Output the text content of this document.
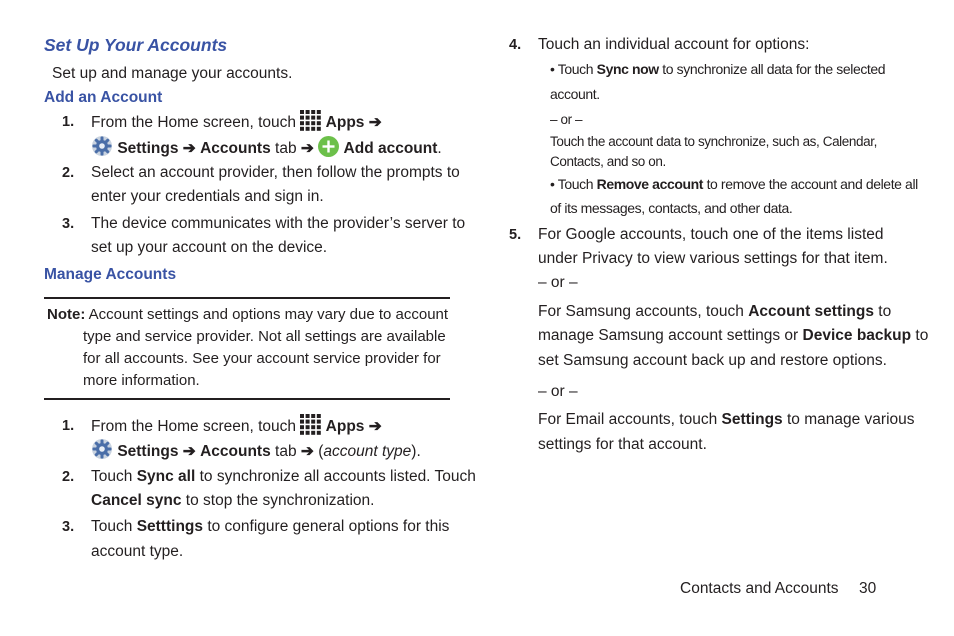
Set Up Your Accounts
Set up and manage your accounts.
Add an Account
1. From the Home screen, touch Apps ➔
Settings ➔ Accounts tab ➔ Add account.
2. Select an account provider, then follow the prompts to
enter your credentials and sign in.
3. The device communicates with the provider’s server to
set up your account on the device.
Manage Accounts
Note: Account settings and options may vary due to account
type and service provider. Not all settings are available
for all accounts. See your account service provider for
more information.
1. From the Home screen, touch Apps ➔
Settings ➔ Accounts tab ➔ (account type).
2. Touch Sync all to synchronize all accounts listed. Touch
Cancel sync to stop the synchronization.
3. Touch Setttings to configure general options for this
account type.
4. Touch an individual account for options:
• Touch Sync now to synchronize all data for the selected
account.
– or –
Touch the account data to synchronize, such as, Calendar,
Contacts, and so on.
• Touch Remove account to remove the account and delete all
of its messages, contacts, and other data.
5. For Google accounts, touch one of the items listed
under Privacy to view various settings for that item.
– or –
For Samsung accounts, touch Account settings to
manage Samsung account settings or Device backup to
set Samsung account back up and restore options.
– or –
For Email accounts, touch Settings to manage various
settings for that account.
Contacts and Accounts 30
